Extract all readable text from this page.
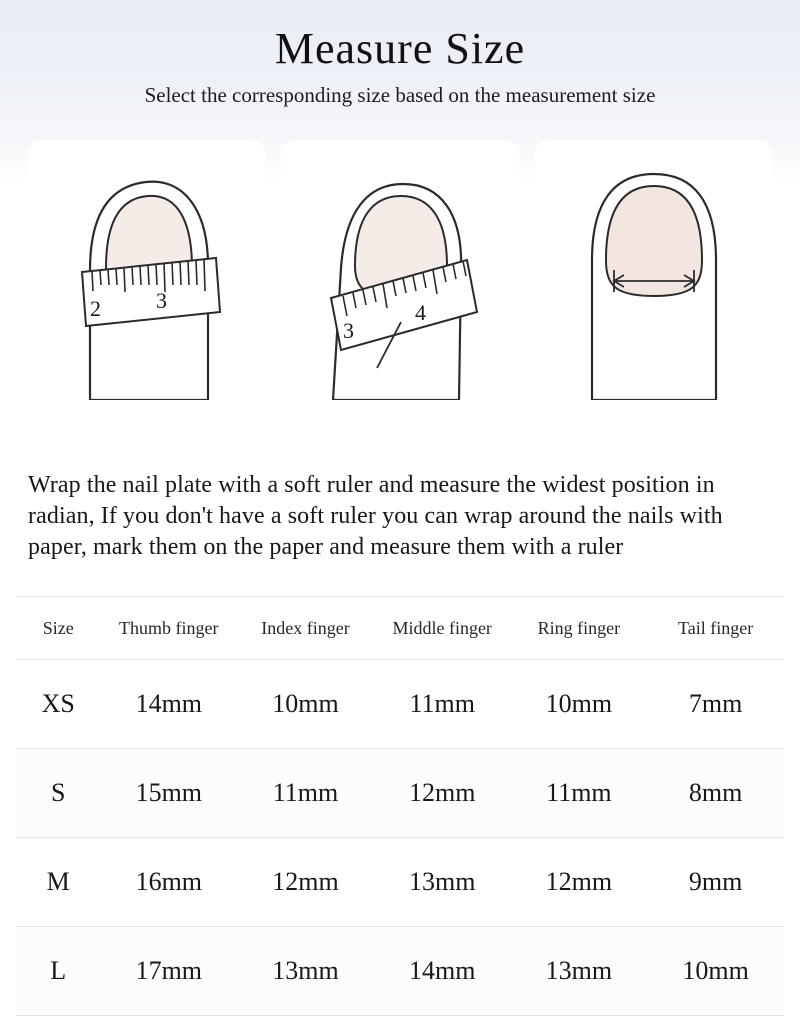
Measure Size

Select the corresponding size based on the measurement size

2	3
3
4

Wrap the nail plate with a soft ruler and measure the widest position in radian, If you don't have a soft ruler you can wrap around the nails with paper, mark them on the paper and measure them with a ruler

Size	Thumb finger	Index finger	Middle finger	Ring finger	Tail finger
XS	14mm	10mm	11mm	10mm	7mm
S	15mm	11mm	12mm	11mm	8mm
M	16mm	12mm	13mm	12mm	9mm
L	17mm	13mm	14mm	13mm	10mm
